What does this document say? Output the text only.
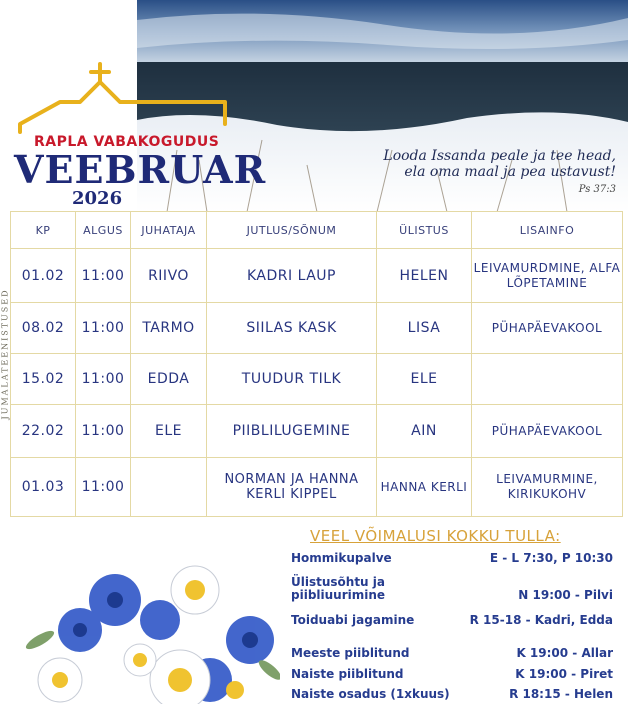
Looda Issanda peale ja tee head,
ela oma maal ja pea ustavust!
Ps 37:3
RAPLA VABAKOGUDUS
VEEBRUAR
2026
JUMALATEENISTUSED
KP	ALGUS	JUHATAJA	JUTLUS/SÕNUM	ÜLISTUS	LISAINFO
01.02	11:00	RIIVO	KADRI LAUP	HELEN	LEIVAMURDMINE, ALFA LÕPETAMINE
08.02	11:00	TARMO	SIILAS KASK	LISA	PÜHAPÄEVAKOOL
15.02	11:00	EDDA	TUUDUR TILK	ELE	
22.02	11:00	ELE	PIIBLILUGEMINE	AIN	PÜHAPÄEVAKOOL
01.03	11:00		NORMAN JA HANNA KERLI KIPPEL	HANNA KERLI	LEIVAMURMINE, KIRIKUKOHV
VEEL VÕIMALUSI KOKKU TULLA:
Hommikupalve	E - L 7:30, P 10:30
Ülistusõhtu ja piibliuurimine	N 19:00 - Pilvi
Toiduabi jagamine	R 15-18 - Kadri, Edda
Meeste piiblitund	K 19:00 - Allar
Naiste piiblitund	K 19:00 - Piret
Naiste osadus (1xkuus)	R 18:15 - Helen
